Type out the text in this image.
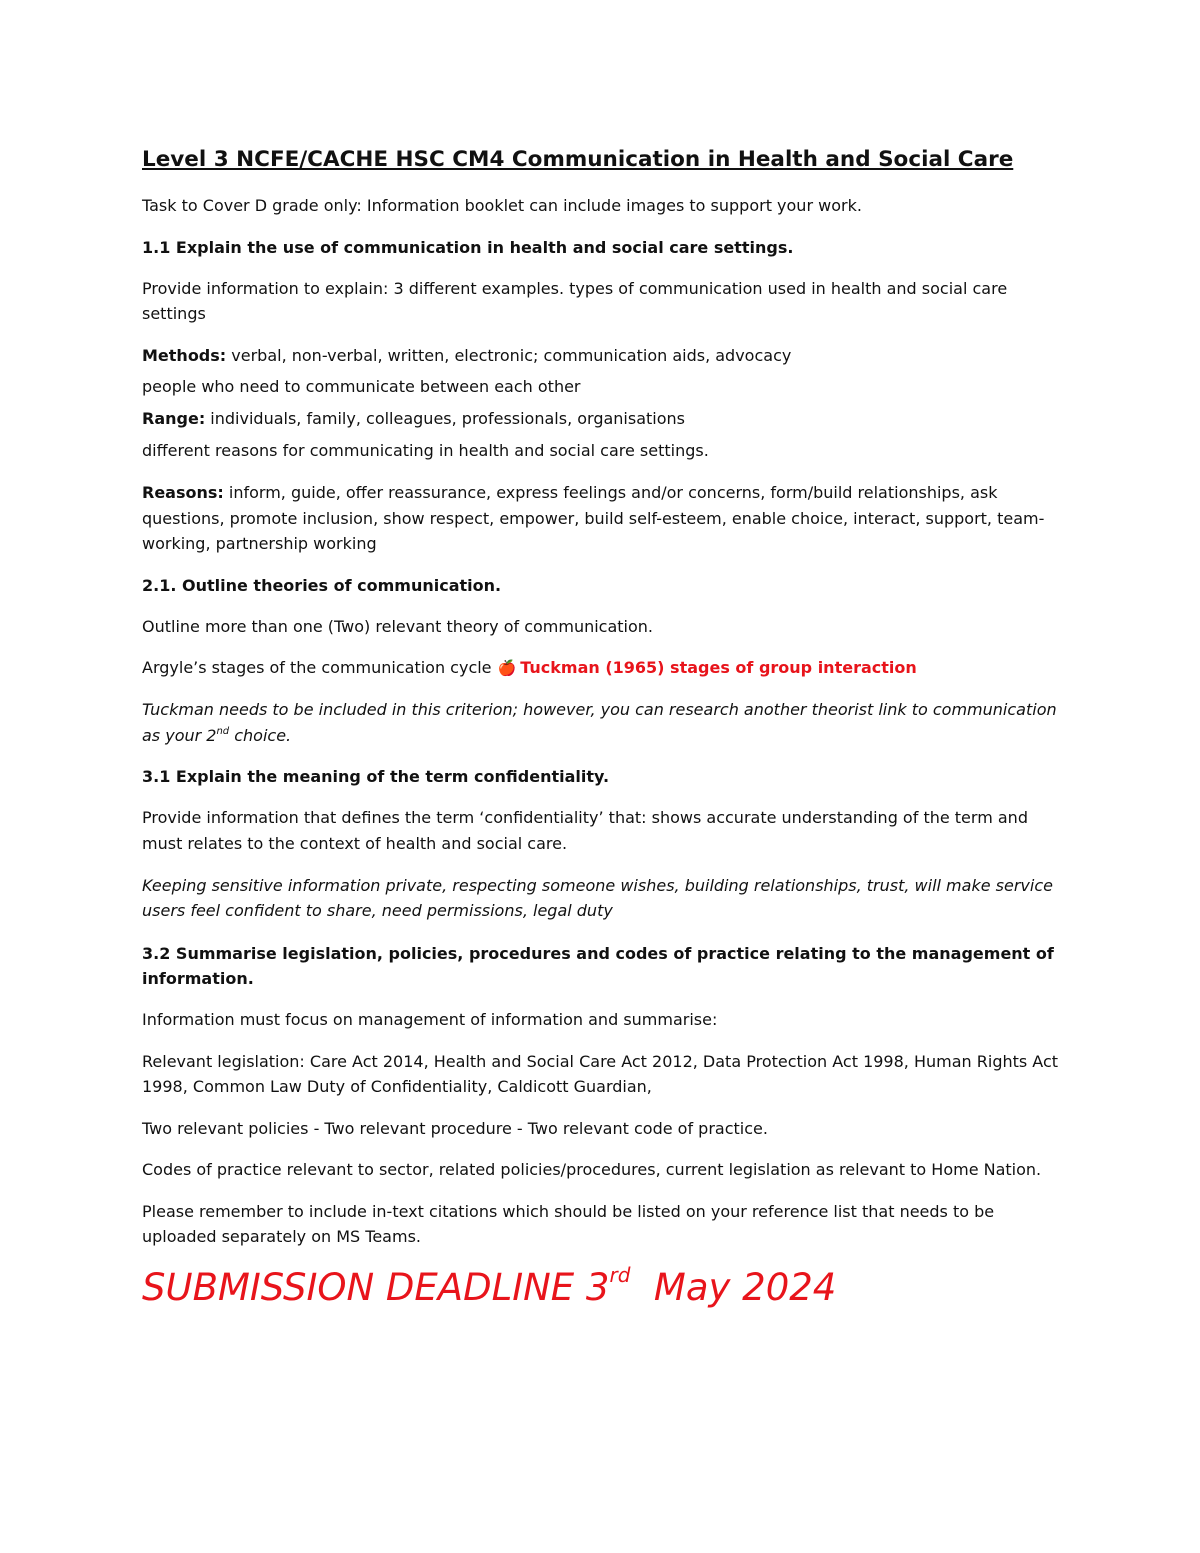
Level 3 NCFE/CACHE HSC CM4 Communication in Health and Social Care
Task to Cover D grade only: Information booklet can include images to support your work.
1.1 Explain the use of communication in health and social care settings.
Provide information to explain: 3 different examples. types of communication used in health and social care
settings
Methods: verbal, non-verbal, written, electronic; communication aids, advocacy
people who need to communicate between each other
Range: individuals, family, colleagues, professionals, organisations
different reasons for communicating in health and social care settings.
Reasons: inform, guide, offer reassurance, express feelings and/or concerns, form/build relationships, ask
questions, promote inclusion, show respect, empower, build self-esteem, enable choice, interact, support, team-
working, partnership working
2.1. Outline theories of communication.
Outline more than one (Two) relevant theory of communication.
Argyle’s stages of the communication cycle 🍎 Tuckman (1965) stages of group interaction
Tuckman needs to be included in this criterion; however, you can research another theorist link to communication
as your 2nd choice.
3.1 Explain the meaning of the term confidentiality.
Provide information that defines the term ‘confidentiality’ that: shows accurate understanding of the term and
must relates to the context of health and social care.
Keeping sensitive information private, respecting someone wishes, building relationships, trust, will make service
users feel confident to share, need permissions, legal duty
3.2 Summarise legislation, policies, procedures and codes of practice relating to the management of
information.
Information must focus on management of information and summarise:
Relevant legislation: Care Act 2014, Health and Social Care Act 2012, Data Protection Act 1998, Human Rights Act
1998, Common Law Duty of Confidentiality, Caldicott Guardian,
Two relevant policies - Two relevant procedure - Two relevant code of practice.
Codes of practice relevant to sector, related policies/procedures, current legislation as relevant to Home Nation.
Please remember to include in-text citations which should be listed on your reference list that needs to be
uploaded separately on MS Teams.
SUBMISSION DEADLINE 3rd  May 2024
